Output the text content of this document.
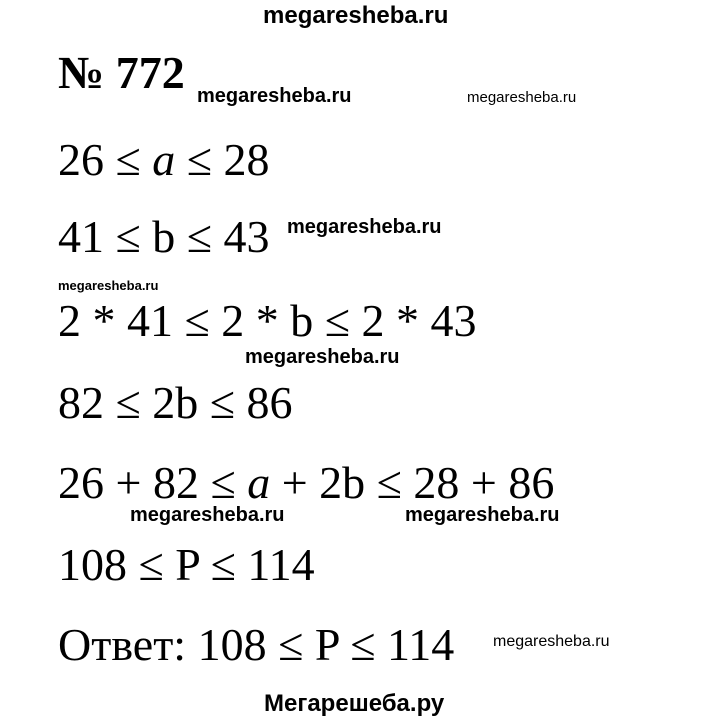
megaresheba.ru
megaresheba.ru	megaresheba.ru
megaresheba.ru
megaresheba.ru
megaresheba.ru
megaresheba.ru	megaresheba.ru
megaresheba.ru
Мегарешеба.ру
№ 772
26 ≤ a ≤ 28
41 ≤ b ≤ 43
2 * 41 ≤ 2 * b ≤ 2 * 43
82 ≤ 2b ≤ 86
26 + 82 ≤ a + 2b ≤ 28 + 86
108 ≤ P ≤ 114
Ответ: 108 ≤ P ≤ 114
